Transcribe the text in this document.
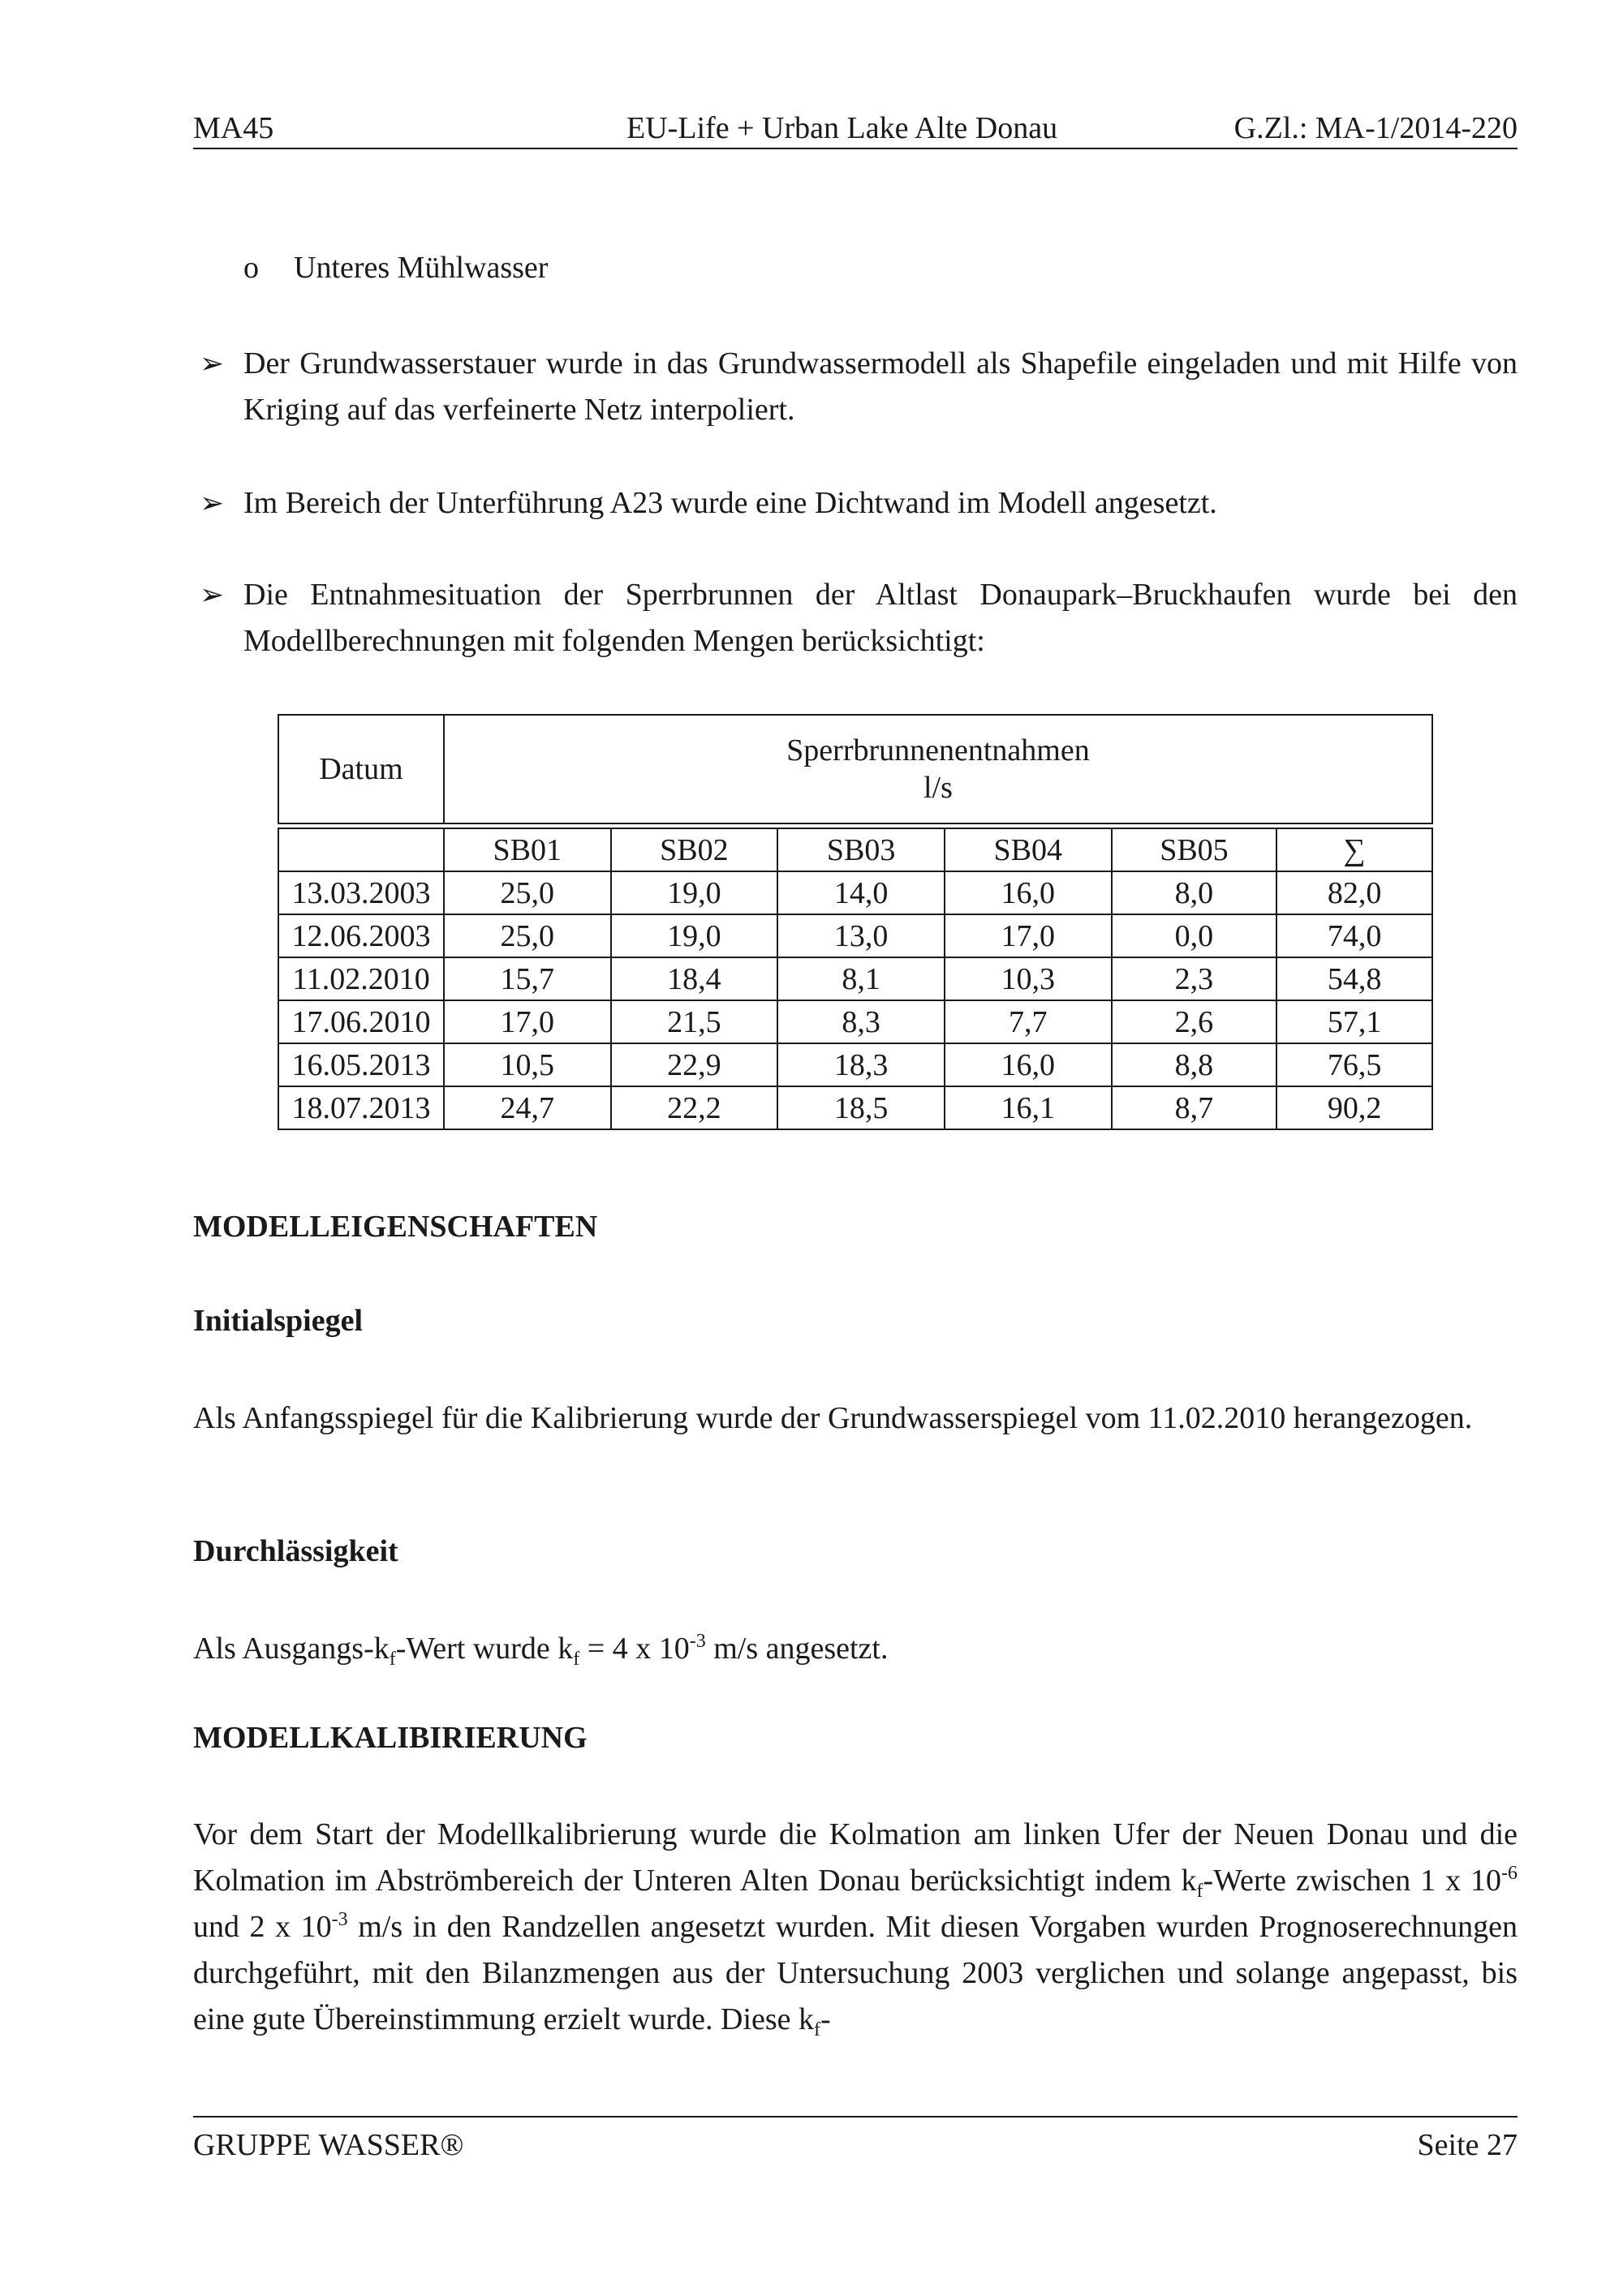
MA45	EU-Life + Urban Lake Alte Donau	G.Zl.: MA-1/2014-220
o Unteres Mühlwasser
➢ Der Grundwasserstauer wurde in das Grundwassermodell als Shapefile eingeladen und mit Hilfe von Kriging auf das verfeinerte Netz interpoliert.
➢ Im Bereich der Unterführung A23 wurde eine Dichtwand im Modell angesetzt.
➢ Die Entnahmesituation der Sperrbrunnen der Altlast Donaupark–Bruckhaufen wurde bei den Modellberechnungen mit folgenden Mengen berücksichtigt:
Datum	Sperrbrunnenentnahmen
l/s					

	SB01	SB02	SB03	SB04	SB05	∑
13.03.2003	25,0	19,0	14,0	16,0	8,0	82,0
12.06.2003	25,0	19,0	13,0	17,0	0,0	74,0
11.02.2010	15,7	18,4	8,1	10,3	2,3	54,8
17.06.2010	17,0	21,5	8,3	7,7	2,6	57,1
16.05.2013	10,5	22,9	18,3	16,0	8,8	76,5
18.07.2013	24,7	22,2	18,5	16,1	8,7	90,2
MODELLEIGENSCHAFTEN
Initialspiegel
Als Anfangsspiegel für die Kalibrierung wurde der Grundwasserspiegel vom 11.02.2010 herangezogen.
Durchlässigkeit
Als Ausgangs-$k_f$-Wert wurde $k_f = 4$ x $10^{-3}$ m/s angesetzt.
MODELLKALIBIRIERUNG
Vor dem Start der Modellkalibrierung wurde die Kolmation am linken Ufer der Neuen Donau und die Kolmation im Abströmbereich der Unteren Alten Donau berücksichtigt indem $k_f$-Werte zwischen 1 x $10^{-6}$ und 2 x $10^{-3}$ m/s in den Randzellen angesetzt wurden. Mit diesen Vorgaben wurden Prognoserechnungen durchgeführt, mit den Bilanzmengen aus der Untersuchung 2003 verglichen und solange angepasst, bis eine gute Übereinstimmung erzielt wurde. Diese $k_f-$
GRUPPE WASSER®	Seite 27
